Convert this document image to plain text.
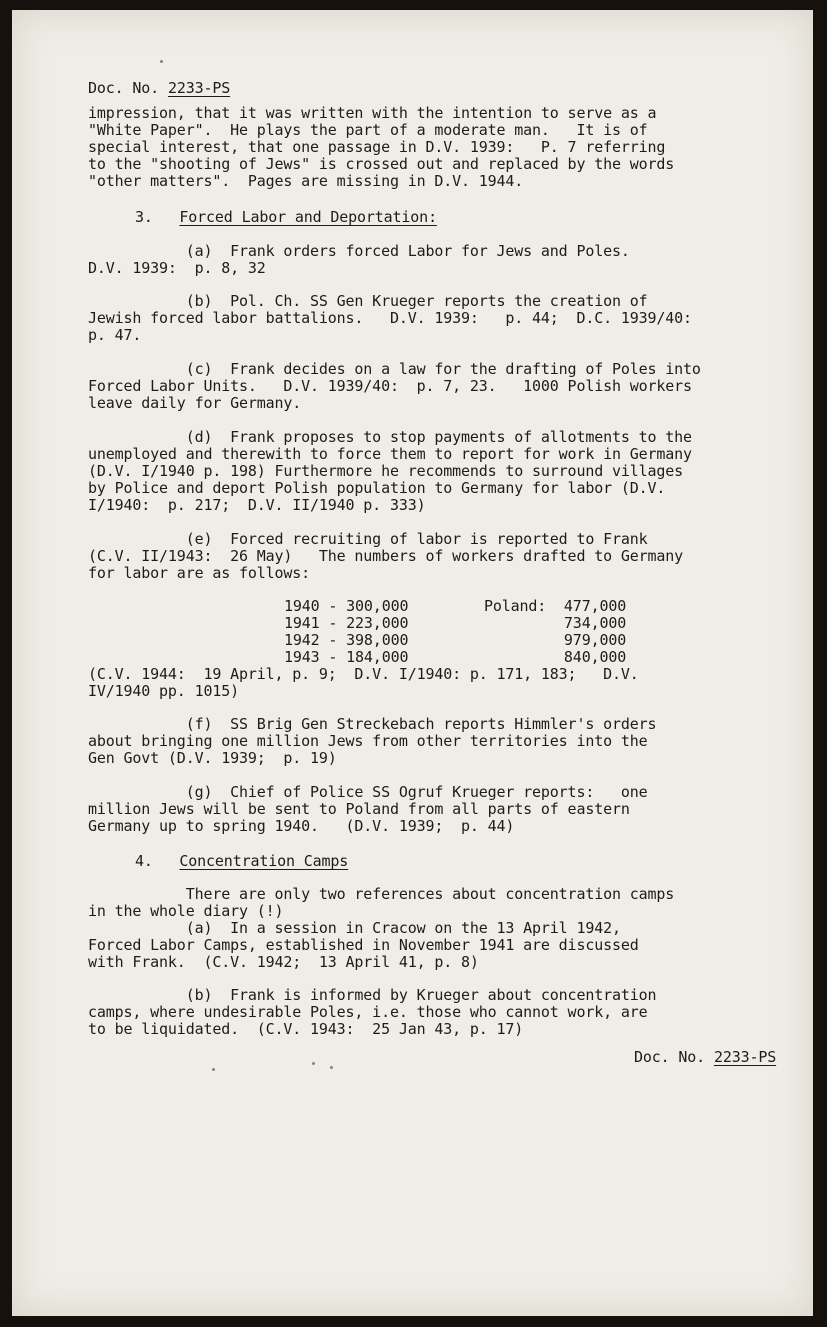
Doc. No. 2233-PS
impression, that it was written with the intention to serve as a
"White Paper".  He plays the part of a moderate man.   It is of
special interest, that one passage in D.V. 1939:   P. 7 referring
to the "shooting of Jews" is crossed out and replaced by the words
"other matters".  Pages are missing in D.V. 1944.
3.   Forced Labor and Deportation:
(a)  Frank orders forced Labor for Jews and Poles.
D.V. 1939:  p. 8, 32
(b)  Pol. Ch. SS Gen Krueger reports the creation of
Jewish forced labor battalions.   D.V. 1939:   p. 44;  D.C. 1939/40:
p. 47.
(c)  Frank decides on a law for the drafting of Poles into
Forced Labor Units.   D.V. 1939/40:  p. 7, 23.   1000 Polish workers
leave daily for Germany.
(d)  Frank proposes to stop payments of allotments to the
unemployed and therewith to force them to report for work in Germany
(D.V. I/1940 p. 198) Furthermore he recommends to surround villages
by Police and deport Polish population to Germany for labor (D.V.
I/1940:  p. 217;  D.V. II/1940 p. 333)
(e)  Forced recruiting of labor is reported to Frank
(C.V. II/1943:  26 May)   The numbers of workers drafted to Germany
for labor are as follows:
1940 - 300,000
1941 - 223,000
1942 - 398,000
1943 - 184,000
Poland:  477,000
734,000
979,000
840,000
(C.V. 1944:  19 April, p. 9;  D.V. I/1940: p. 171, 183;   D.V.
IV/1940 pp. 1015)
(f)  SS Brig Gen Streckebach reports Himmler's orders
about bringing one million Jews from other territories into the
Gen Govt (D.V. 1939;  p. 19)
(g)  Chief of Police SS Ogruf Krueger reports:   one
million Jews will be sent to Poland from all parts of eastern
Germany up to spring 1940.   (D.V. 1939;  p. 44)
4.   Concentration Camps
There are only two references about concentration camps
in the whole diary (!)
(a)  In a session in Cracow on the 13 April 1942,
Forced Labor Camps, established in November 1941 are discussed
with Frank.  (C.V. 1942;  13 April 41, p. 8)
(b)  Frank is informed by Krueger about concentration
camps, where undesirable Poles, i.e. those who cannot work, are
to be liquidated.  (C.V. 1943:  25 Jan 43, p. 17)
Doc. No. 2233-PS
